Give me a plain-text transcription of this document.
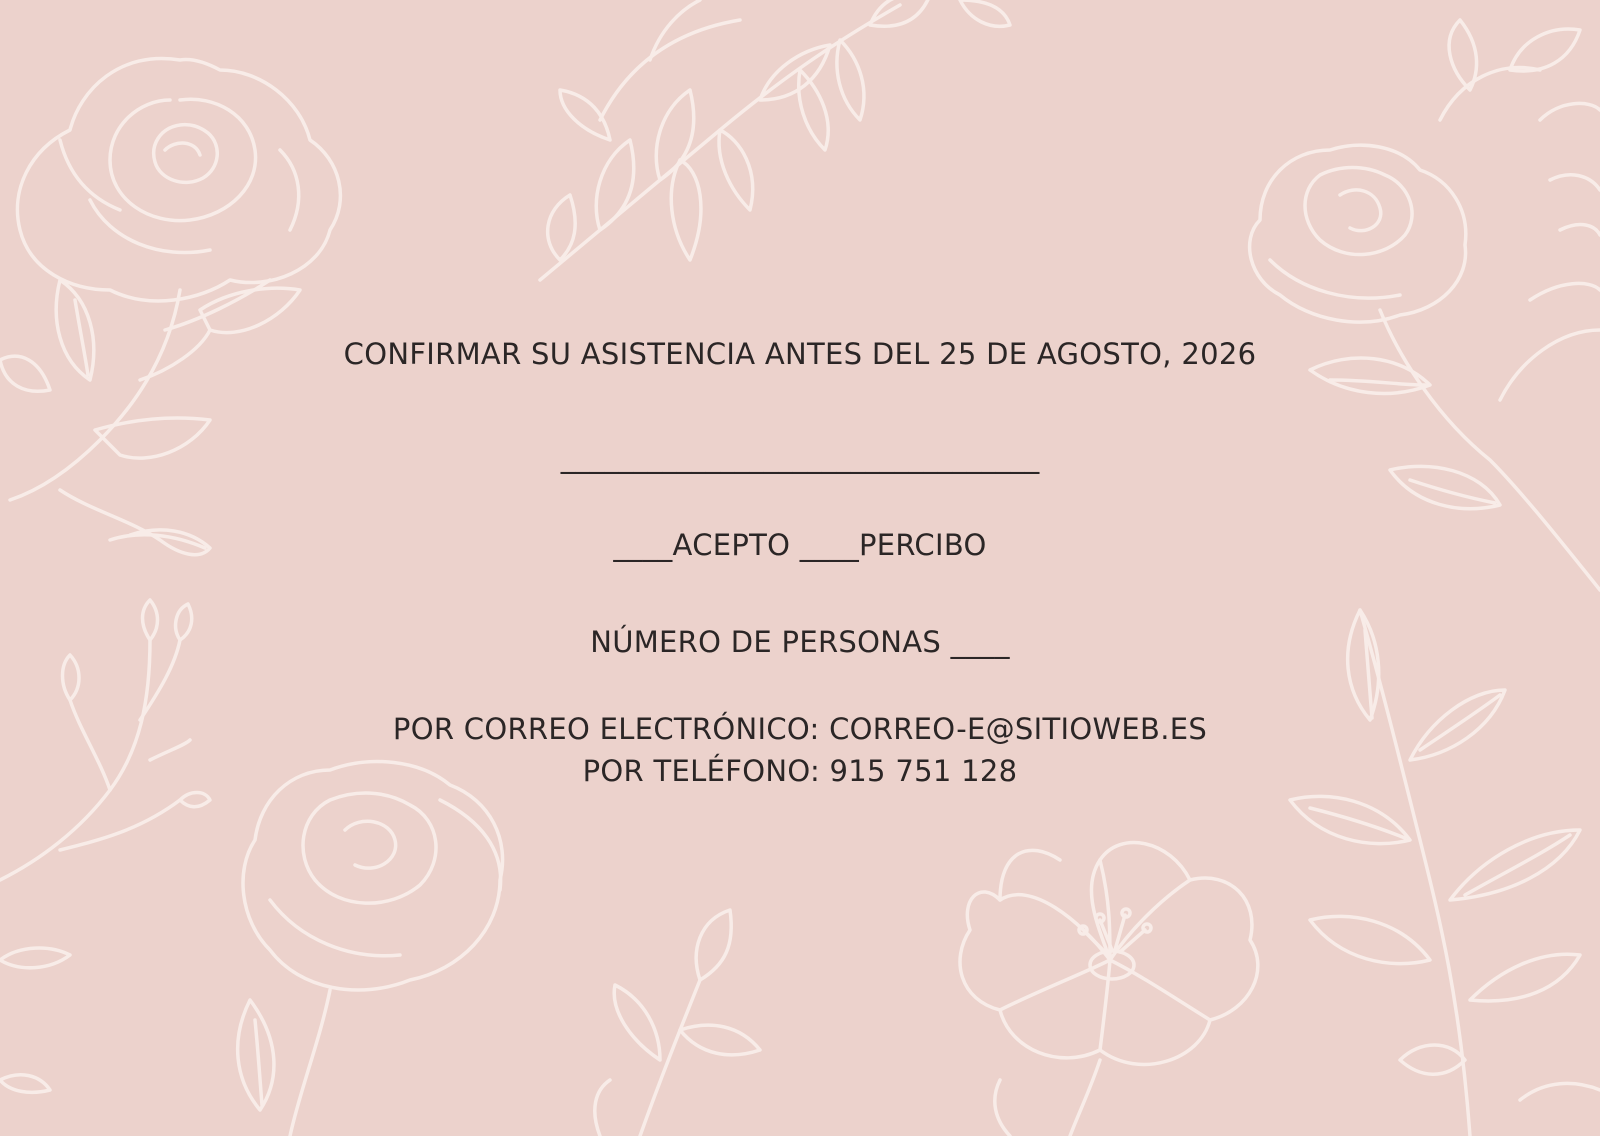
CONFIRMAR SU ASISTENCIA ANTES DEL 25 DE AGOSTO, 2026
_________________________________
____ACEPTO ____PERCIBO
NÚMERO DE PERSONAS ____
POR CORREO ELECTRÓNICO: CORREO-E@SITIOWEB.ES
POR TELÉFONO: 915 751 128
